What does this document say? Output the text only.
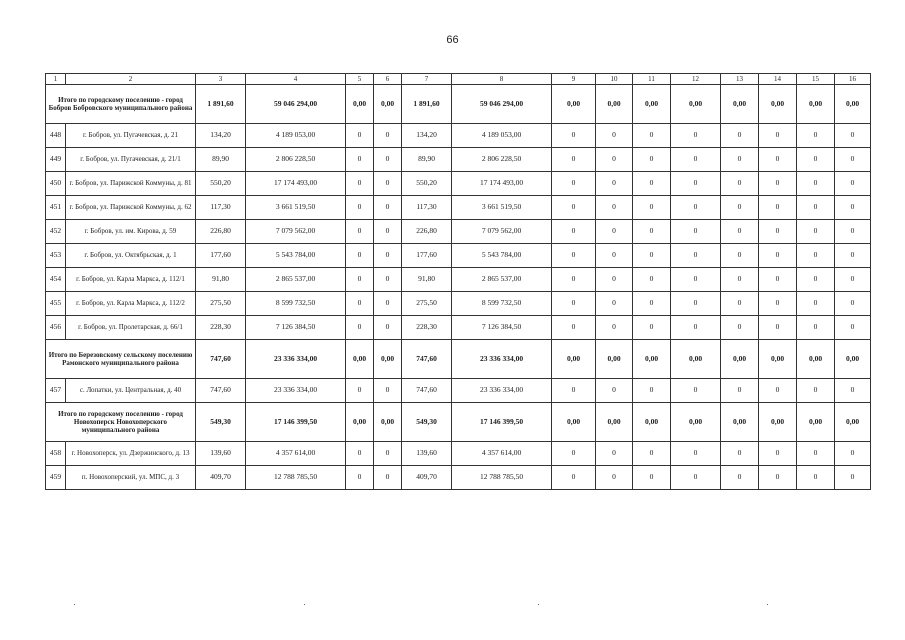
66
1	2	3	4	5	6	7	8	9	10	11	12	13	14	15	16
Итого по городскому поселению - город Бобров Бобровского муниципального района		1 891,60	59 046 294,00	0,00	0,00	1 891,60	59 046 294,00	0,00	0,00	0,00	0,00	0,00	0,00	0,00	0,00
448	г. Бобров, ул. Пугачевская, д. 21	134,20	4 189 053,00	0	0	134,20	4 189 053,00	0	0	0	0	0	0	0	0
449	г. Бобров, ул. Пугачевская, д. 21/1	89,90	2 806 228,50	0	0	89,90	2 806 228,50	0	0	0	0	0	0	0	0
450	г. Бобров, ул. Парижской Коммуны, д. 81	550,20	17 174 493,00	0	0	550,20	17 174 493,00	0	0	0	0	0	0	0	0
451	г. Бобров, ул. Парижской Коммуны, д. 62	117,30	3 661 519,50	0	0	117,30	3 661 519,50	0	0	0	0	0	0	0	0
452	г. Бобров, ул. им. Кирова, д. 59	226,80	7 079 562,00	0	0	226,80	7 079 562,00	0	0	0	0	0	0	0	0
453	г. Бобров, ул. Октябрьская, д. 1	177,60	5 543 784,00	0	0	177,60	5 543 784,00	0	0	0	0	0	0	0	0
454	г. Бобров, ул. Карла Маркса, д. 112/1	91,80	2 865 537,00	0	0	91,80	2 865 537,00	0	0	0	0	0	0	0	0
455	г. Бобров, ул. Карла Маркса, д. 112/2	275,50	8 599 732,50	0	0	275,50	8 599 732,50	0	0	0	0	0	0	0	0
456	г. Бобров, ул. Пролетарская, д. 66/1	228,30	7 126 384,50	0	0	228,30	7 126 384,50	0	0	0	0	0	0	0	0
Итого по Березовскому сельскому поселению Рамонского муниципального района		747,60	23 336 334,00	0,00	0,00	747,60	23 336 334,00	0,00	0,00	0,00	0,00	0,00	0,00	0,00	0,00
457	с. Лопатки, ул. Центральная, д. 40	747,60	23 336 334,00	0	0	747,60	23 336 334,00	0	0	0	0	0	0	0	0
Итого по городскому поселению - город Новохоперск Новохоперского муниципального района		549,30	17 146 399,50	0,00	0,00	549,30	17 146 399,50	0,00	0,00	0,00	0,00	0,00	0,00	0,00	0,00
458	г. Новохоперск, ул. Дзержинского, д. 13	139,60	4 357 614,00	0	0	139,60	4 357 614,00	0	0	0	0	0	0	0	0
459	п. Новохоперский, ул. МПС, д. 3	409,70	12 788 785,50	0	0	409,70	12 788 785,50	0	0	0	0	0	0	0	0
